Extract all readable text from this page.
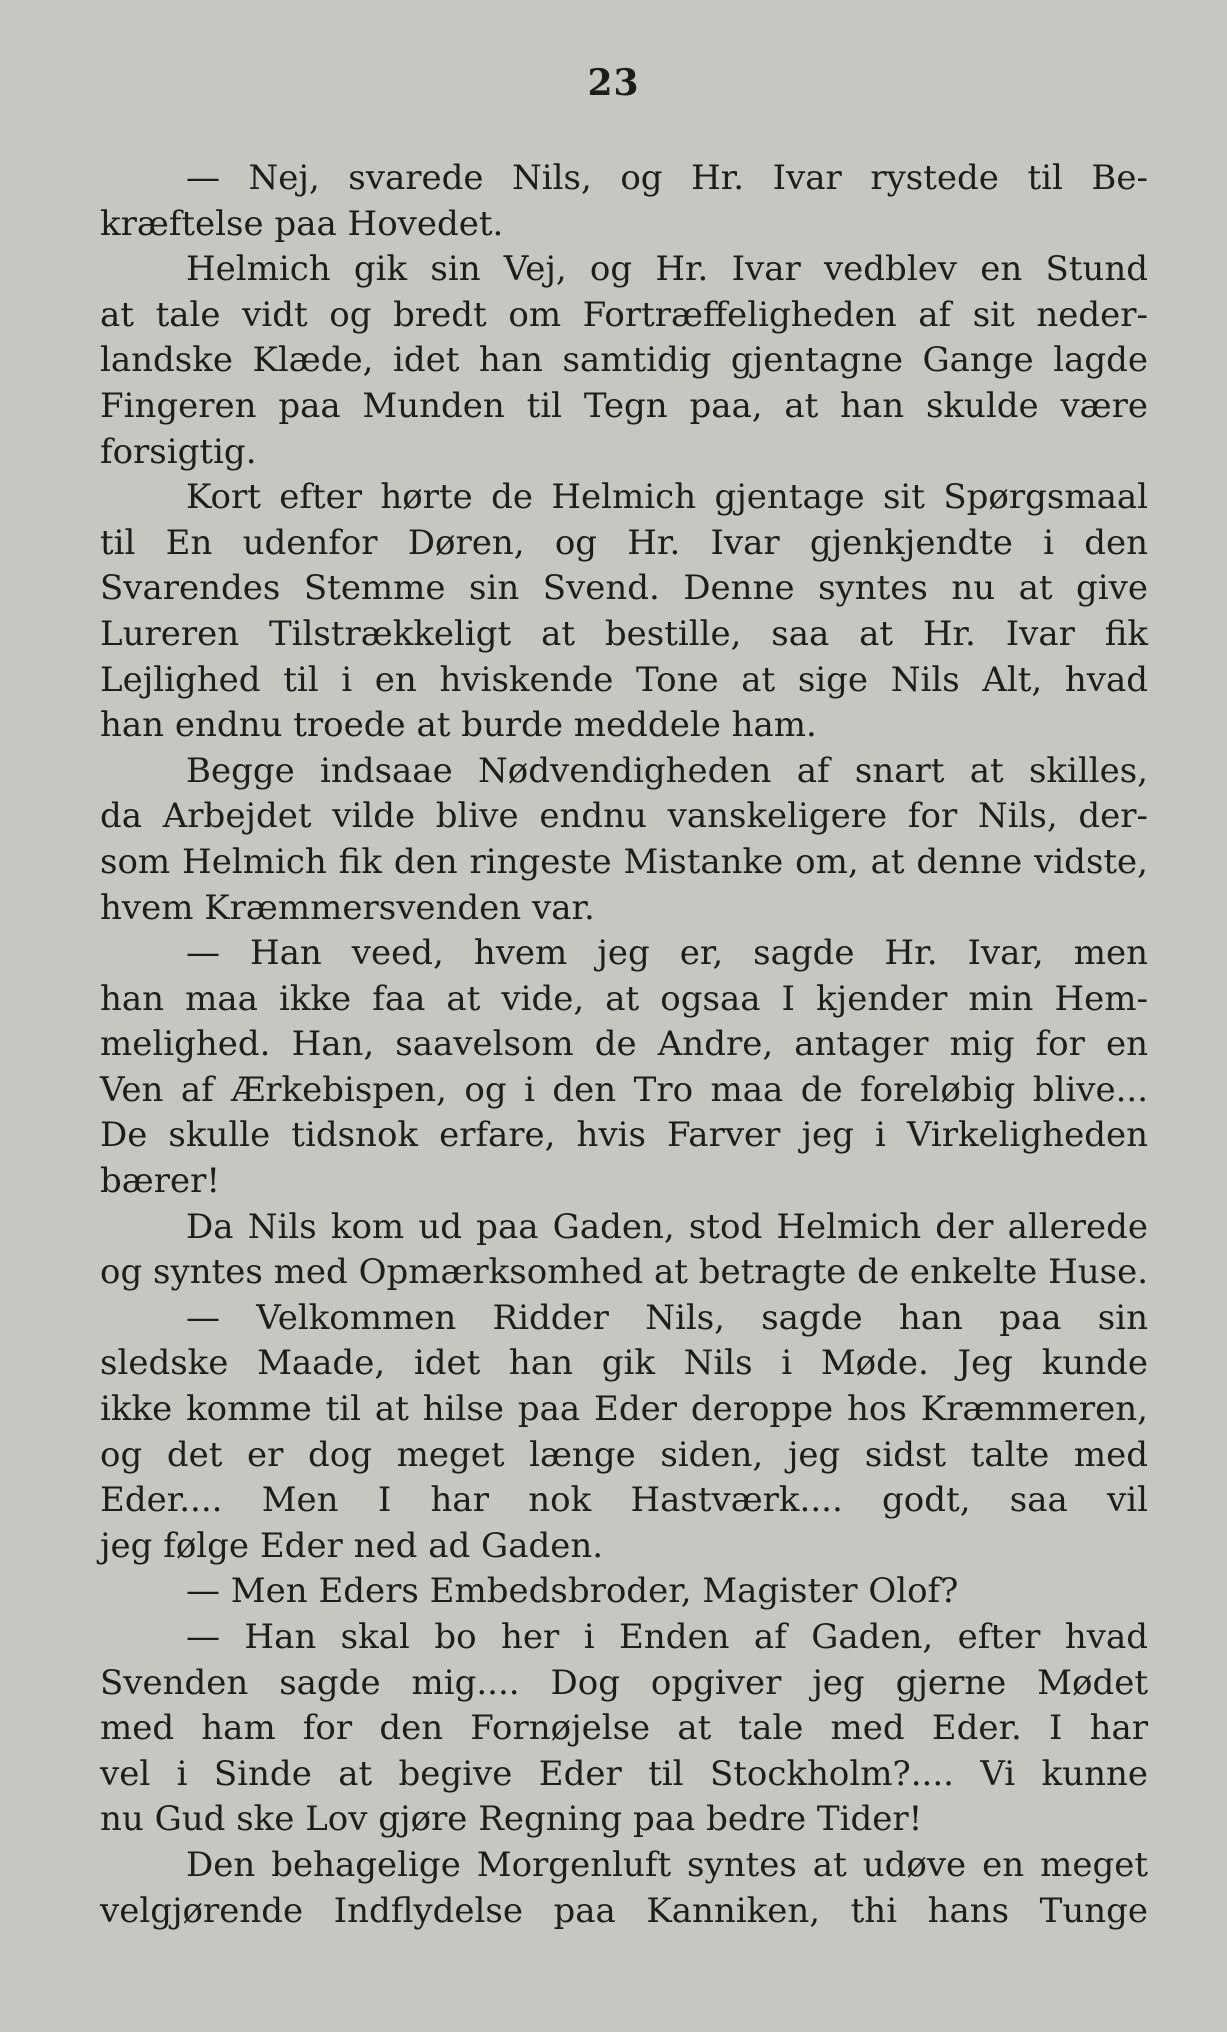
23
— Nej, svarede Nils, og Hr. Ivar rystede til Be-
kræftelse paa Hovedet.
Helmich gik sin Vej, og Hr. Ivar vedblev en Stund
at tale vidt og bredt om Fortræffeligheden af sit neder-
landske Klæde, idet han samtidig gjentagne Gange lagde
Fingeren paa Munden til Tegn paa, at han skulde være
forsigtig.
Kort efter hørte de Helmich gjentage sit Spørgsmaal
til En udenfor Døren, og Hr. Ivar gjenkjendte i den
Svarendes Stemme sin Svend. Denne syntes nu at give
Lureren Tilstrækkeligt at bestille, saa at Hr. Ivar fik
Lejlighed til i en hviskende Tone at sige Nils Alt, hvad
han endnu troede at burde meddele ham.
Begge indsaae Nødvendigheden af snart at skilles,
da Arbejdet vilde blive endnu vanskeligere for Nils, der-
som Helmich fik den ringeste Mistanke om, at denne vidste,
hvem Kræmmersvenden var.
— Han veed, hvem jeg er, sagde Hr. Ivar, men
han maa ikke faa at vide, at ogsaa I kjender min Hem-
melighed. Han, saavelsom de Andre, antager mig for en
Ven af Ærkebispen, og i den Tro maa de foreløbig blive...
De skulle tidsnok erfare, hvis Farver jeg i Virkeligheden
bærer!
Da Nils kom ud paa Gaden, stod Helmich der allerede
og syntes med Opmærksomhed at betragte de enkelte Huse.
— Velkommen Ridder Nils, sagde han paa sin
sledske Maade, idet han gik Nils i Møde. Jeg kunde
ikke komme til at hilse paa Eder deroppe hos Kræmmeren,
og det er dog meget længe siden, jeg sidst talte med
Eder.... Men I har nok Hastværk.... godt, saa vil
jeg følge Eder ned ad Gaden.
— Men Eders Embedsbroder, Magister Olof?
— Han skal bo her i Enden af Gaden, efter hvad
Svenden sagde mig.... Dog opgiver jeg gjerne Mødet
med ham for den Fornøjelse at tale med Eder. I har
vel i Sinde at begive Eder til Stockholm?.... Vi kunne
nu Gud ske Lov gjøre Regning paa bedre Tider!
Den behagelige Morgenluft syntes at udøve en meget
velgjørende Indflydelse paa Kanniken, thi hans Tunge
